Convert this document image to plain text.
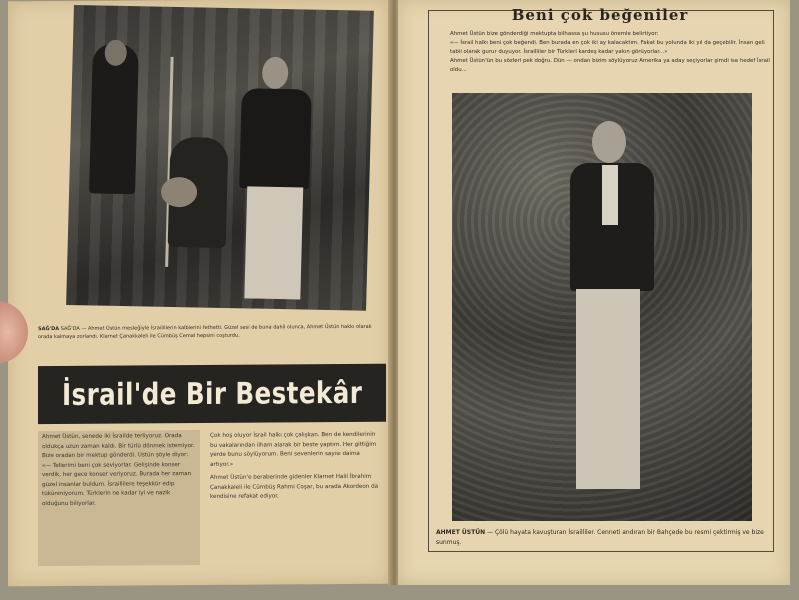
SAĞ'DA SAĞ'DA — Ahmet Üstün mesleğiyle İsraillilerin kalblerini fethetti. Güzel sesi de buna dahil olunca, Ahmet Üstün hakkı olarak orada kalmaya zorlandı. Klarnet Çanakkaleli ile Cümbüş Cemal hepsini coşturdu.
İsrail'de Bir Bestekâr

Ahmet Üstün, senede iki İsrailde terliyoruz. Orada oldukça uzun zaman kaldı. Bir türlü dönmek istemiyor. Bize oradan bir mektup gönderdi. Ustün şöyle diyor:

«— Tellerimi beni çok seviyorlar. Gelişinde konser verdik, her gece konser veriyoruz. Burada her zaman güzel insanlar buldum. İsraillilere teşekkür edip tükünmiyorum. Türklerin ne kadar iyi ve nazik olduğunu biliyorlar.

Çok hoş oluyor İsrail halkı çok çalışkan. Ben de kendilerinin bu vakalarından ilham alarak bir beste yaptım. Her gittiğim yerde bunu söylüyorum. Beni sevenlerin sayısı daima artıyor.»

Ahmet Üstün'e beraberinde gidenler Klarnet Halil İbrahim Çanakkaleli ile Cümbüş Rahmi Coşar, bu arada Akordeon da kendisine refakat ediyor.

Beni çok beğeniler

Ahmet Üstün bize gönderdiği mektupta bilhassa şu hususu önemle belirtiyor:

«— İsrail halkı beni çok beğendi. Ben burada en çok iki ay kalacaktım. Fakat bu yolunda iki yıl da geçebilir. İnsan geli tabii olarak gurur duyuyor. İsrailliler bir Türkleri kardeş kadar yakın görüyorlar...»

Ahmet Üstün'ün bu sözleri pek doğru. Dün — ondan bizim söylüyoruz Amerika ya aday seçiyorlar şimdi ise hedef İsrail oldu...

AHMET ÜSTÜN — Çölü hayata kavuşturan İsrailliler. Cenneti andıran bir Bahçede bu resmi çektirmiş ve bize sunmuş.
